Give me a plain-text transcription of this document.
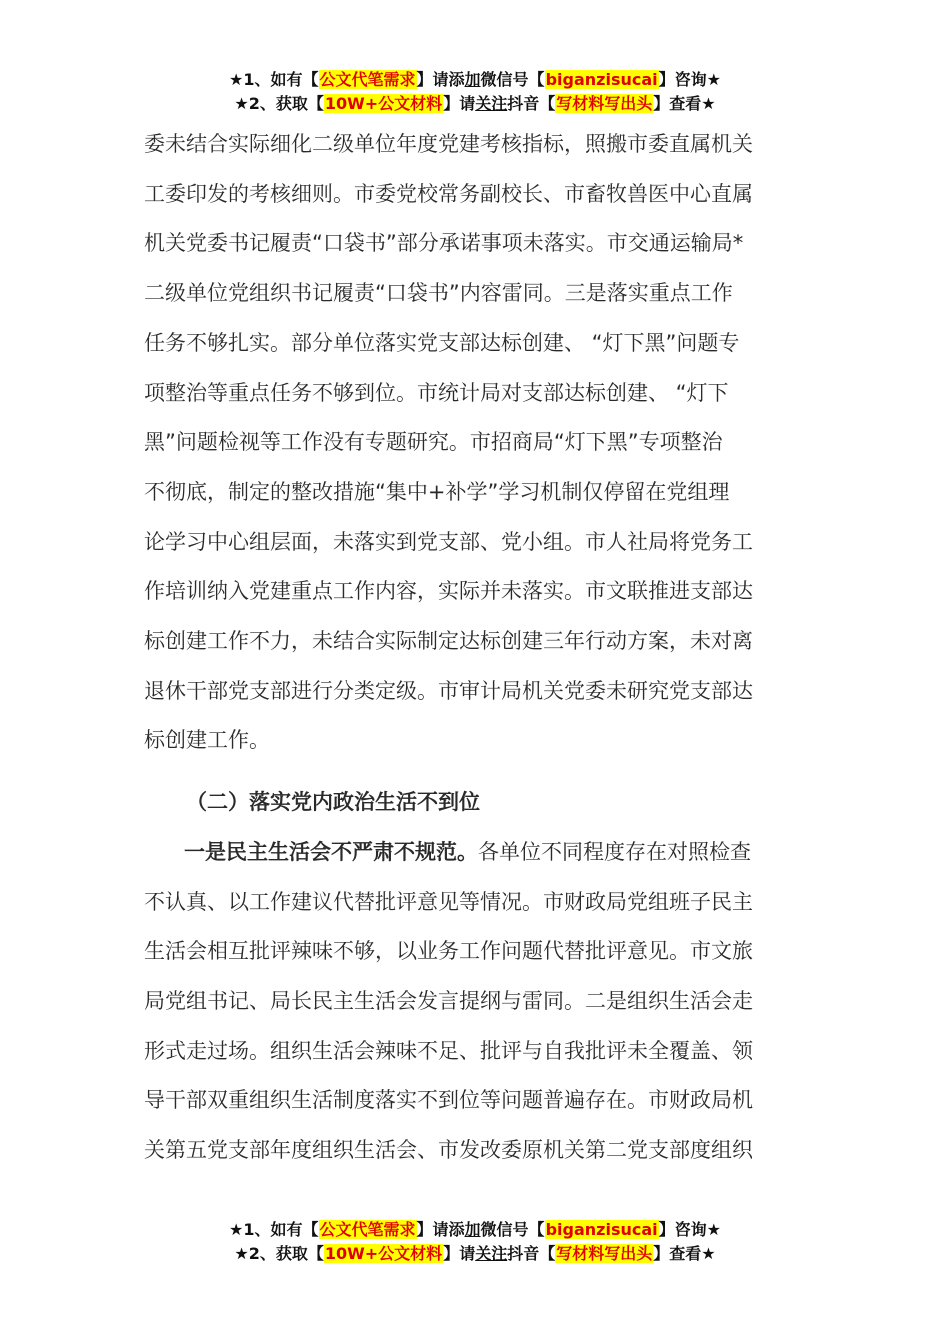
★1、如有【公文代笔需求】请添加微信号【biganzisucai】咨询★
★2、获取【10W+公文材料】请关注抖音【写材料写出头】查看★

委未结合实际细化二级单位年度党建考核指标，照搬市委直属机关
工委印发的考核细则。市委党校常务副校长、市畜牧兽医中心直属
机关党委书记履责“口袋书”部分承诺事项未落实。市交通运输局*
二级单位党组织书记履责“口袋书”内容雷同。三是落实重点工作
任务不够扎实。部分单位落实党支部达标创建、 “灯下黑”问题专
项整治等重点任务不够到位。市统计局对支部达标创建、 “灯下
黑”问题检视等工作没有专题研究。市招商局“灯下黑”专项整治
不彻底，制定的整改措施“集中+补学”学习机制仅停留在党组理
论学习中心组层面，未落实到党支部、党小组。市人社局将党务工
作培训纳入党建重点工作内容，实际并未落实。市文联推进支部达
标创建工作不力，未结合实际制定达标创建三年行动方案，未对离
退休干部党支部进行分类定级。市审计局机关党委未研究党支部达
标创建工作。

（二）落实党内政治生活不到位

一是民主生活会不严肃不规范。各单位不同程度存在对照检查
不认真、以工作建议代替批评意见等情况。市财政局党组班子民主
生活会相互批评辣味不够，以业务工作问题代替批评意见。市文旅
局党组书记、局长民主生活会发言提纲与雷同。二是组织生活会走
形式走过场。组织生活会辣味不足、批评与自我批评未全覆盖、领
导干部双重组织生活制度落实不到位等问题普遍存在。市财政局机
关第五党支部年度组织生活会、市发改委原机关第二党支部度组织

★1、如有【公文代笔需求】请添加微信号【biganzisucai】咨询★
★2、获取【10W+公文材料】请关注抖音【写材料写出头】查看★
